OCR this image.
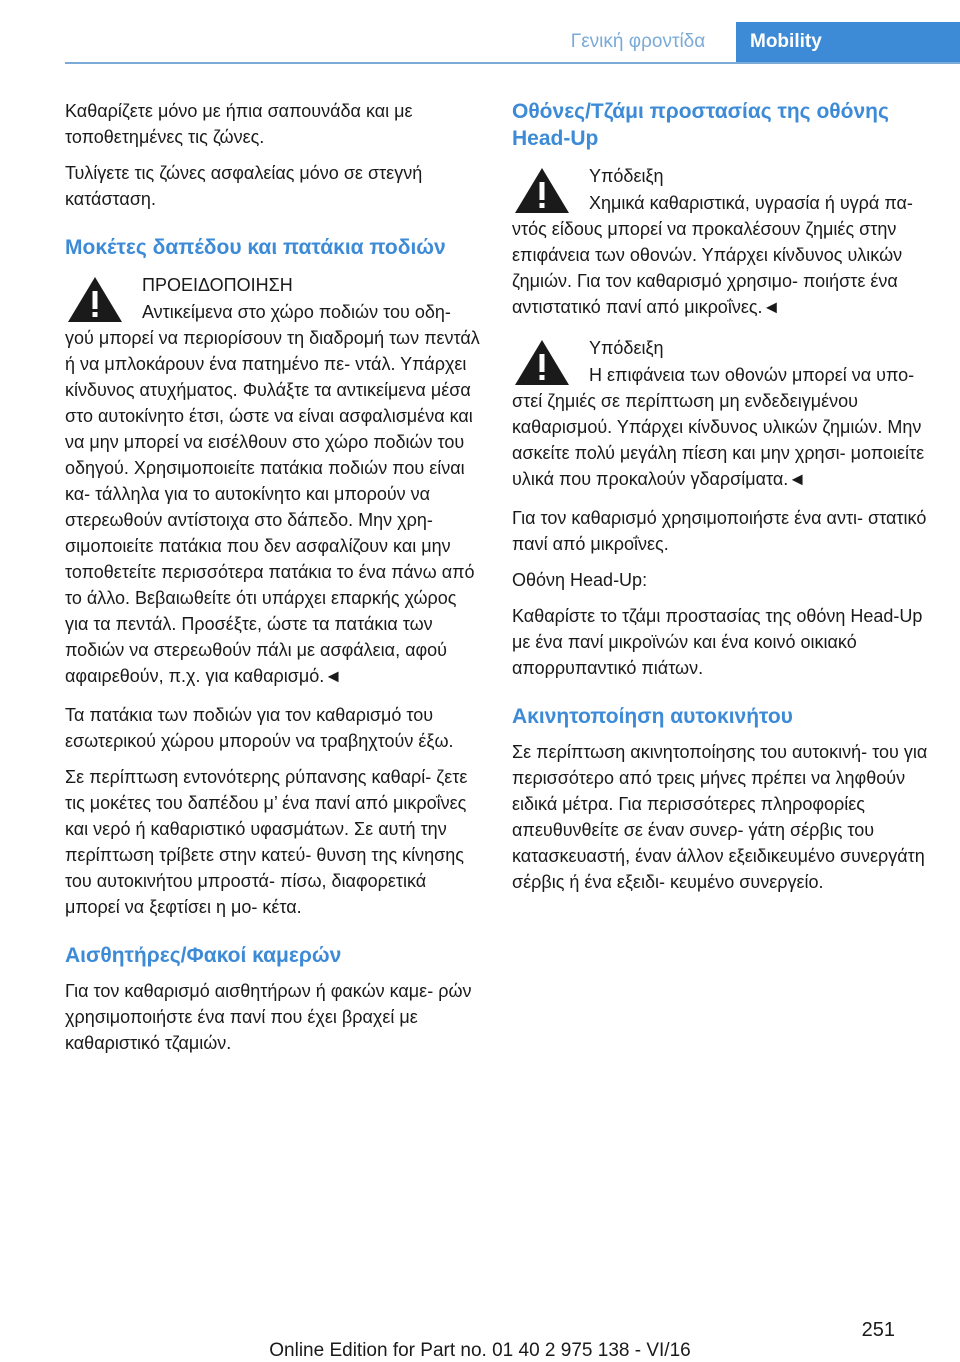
Γενική φροντίδα	Mobility

Καθαρίζετε μόνο με ήπια σαπουνάδα και με τοποθετημένες τις ζώνες.

Τυλίγετε τις ζώνες ασφαλείας μόνο σε στεγνή κατάσταση.

Μοκέτες δαπέδου και πατάκια ποδιών
ΠΡΟΕΙΔΟΠΟΙΗΣΗ
Αντικείμενα στο χώρο ποδιών του οδη- γού μπορεί να περιορίσουν τη διαδρομή των πεντάλ ή να μπλοκάρουν ένα πατημένο πε- ντάλ. Υπάρχει κίνδυνος ατυχήματος. Φυλάξτε τα αντικείμενα μέσα στο αυτοκίνητο έτσι, ώστε να είναι ασφαλισμένα και να μην μπορεί να εισέλθουν στο χώρο ποδιών του οδηγού. Χρησιμοποιείτε πατάκια ποδιών που είναι κα- τάλληλα για το αυτοκίνητο και μπορούν να στερεωθούν αντίστοιχα στο δάπεδο. Μην χρη- σιμοποιείτε πατάκια που δεν ασφαλίζουν και μην τοποθετείτε περισσότερα πατάκια το ένα πάνω από το άλλο. Βεβαιωθείτε ότι υπάρχει επαρκής χώρος για τα πεντάλ. Προσέξτε, ώστε τα πατάκια των ποδιών να στερεωθούν πάλι με ασφάλεια, αφού αφαιρεθούν, π.χ. για καθαρισμό.◄

Τα πατάκια των ποδιών για τον καθαρισμό του εσωτερικού χώρου μπορούν να τραβηχτούν έξω.

Σε περίπτωση εντονότερης ρύπανσης καθαρί- ζετε τις μοκέτες του δαπέδου μ’ ένα πανί από μικροΐνες και νερό ή καθαριστικό υφασμάτων. Σε αυτή την περίπτωση τρίβετε στην κατεύ- θυνση της κίνησης του αυτοκινήτου μπροστά- πίσω, διαφορετικά μπορεί να ξεφτίσει η μο- κέτα.

Αισθητήρες/Φακοί καμερών

Για τον καθαρισμό αισθητήρων ή φακών καμε- ρών χρησιμοποιήστε ένα πανί που έχει βραχεί με καθαριστικό τζαμιών.

Οθόνες/Τζάμι προστασίας της οθόνης Head-Up
Υπόδειξη
Χημικά καθαριστικά, υγρασία ή υγρά πα- ντός είδους μπορεί να προκαλέσουν ζημιές στην επιφάνεια των οθονών. Υπάρχει κίνδυνος υλικών ζημιών. Για τον καθαρισμό χρησιμο- ποιήστε ένα αντιστατικό πανί από μικροΐνες.◄
Υπόδειξη
Η επιφάνεια των οθονών μπορεί να υπο- στεί ζημιές σε περίπτωση μη ενδεδειγμένου καθαρισμού. Υπάρχει κίνδυνος υλικών ζημιών. Μην ασκείτε πολύ μεγάλη πίεση και μην χρησι- μοποιείτε υλικά που προκαλούν γδαρσίματα.◄

Για τον καθαρισμό χρησιμοποιήστε ένα αντι- στατικό πανί από μικροΐνες.

Οθόνη Head-Up:

Καθαρίστε το τζάμι προστασίας της οθόνη Head-Up με ένα πανί μικροϊνών και ένα κοινό οικιακό απορρυπαντικό πιάτων.

Ακινητοποίηση αυτοκινήτου

Σε περίπτωση ακινητοποίησης του αυτοκινή- του για περισσότερο από τρεις μήνες πρέπει να ληφθούν ειδικά μέτρα. Για περισσότερες πληροφορίες απευθυνθείτε σε έναν συνερ- γάτη σέρβις του κατασκευαστή, έναν άλλον εξειδικευμένο συνεργάτη σέρβις ή ένα εξειδι- κευμένο συνεργείο.

251
Online Edition for Part no. 01 40 2 975 138 - VI/16
